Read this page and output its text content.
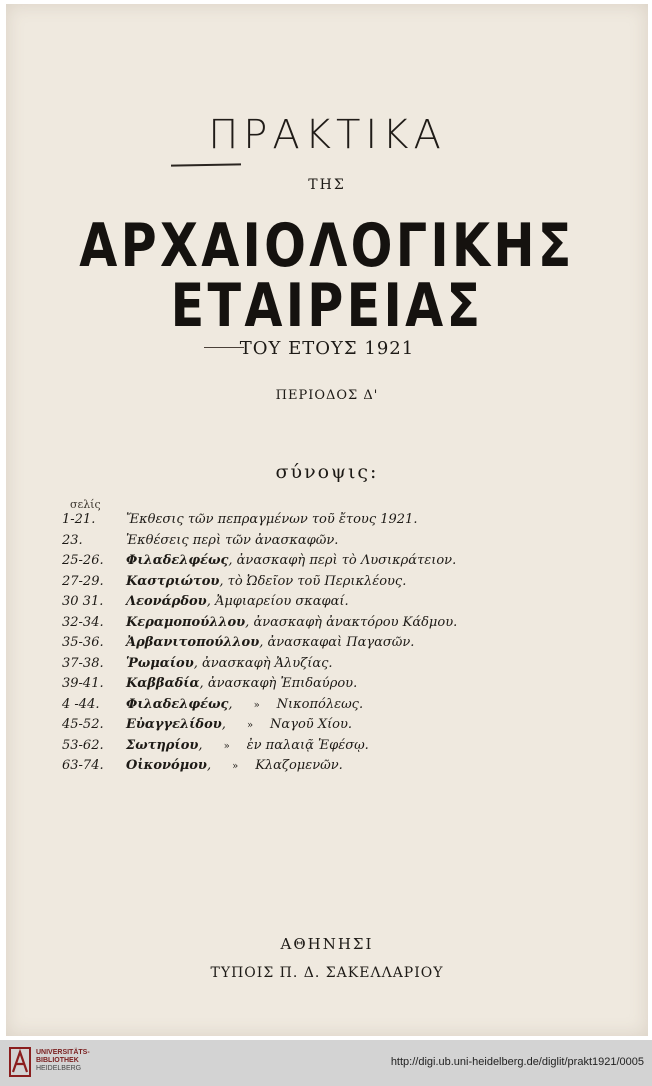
ΠΡΑΚΤΙΚΑ
ΤΗΣ
ΑΡΧΑΙΟΛΟΓΙΚΗΣ ΕΤΑΙΡΕΙΑΣ
ΤΟΥ ΕΤΟΥΣ 1921
ΠΕΡΙΟΔΟΣ Δ'
σύνοψις:
σελίς
1-21.	Ἔκθεσις τῶν πεπραγμένων τοῦ ἔτους 1921.
23.	Ἐκθέσεις περὶ τῶν ἀνασκαφῶν.
25-26.	Φιλαδελφέως, ἀνασκαφὴ περὶ τὸ Λυσικράτειον.
27-29.	Καστριώτου, τὸ Ὠδεῖον τοῦ Περικλέους.
30 31.	Λεονάρδου, Ἀμφιαρείου σκαφαί.
32-34.	Κεραμοπούλλου, ἀνασκαφὴ ἀνακτόρου Κάδμου.
35-36.	Ἀρβανιτοπούλλου, ἀνασκαφαὶ Παγασῶν.
37-38.	Ῥωμαίου, ἀνασκαφὴ Ἀλυζίας.
39-41.	Καββαδία, ἀνασκαφὴ Ἐπιδαύρου.
4 -44.	Φιλαδελφέως, » Νικοπόλεως.
45-52.	Εὐαγγελίδου, » Ναγοῦ Χίου.
53-62.	Σωτηρίου, » ἐν παλαιᾷ Ἐφέσῳ.
63-74.	Οἰκονόμου, » Κλαζομενῶν.
ΑΘΗΝΗΣΙ
ΤΥΠΟΙΣ Π. Δ. ΣΑΚΕΛΛΑΡΙΟΥ
UNIVERSITÄTS-
BIBLIOTHEK
HEIDELBERG
http://digi.ub.uni-heidelberg.de/diglit/prakt1921/0005
